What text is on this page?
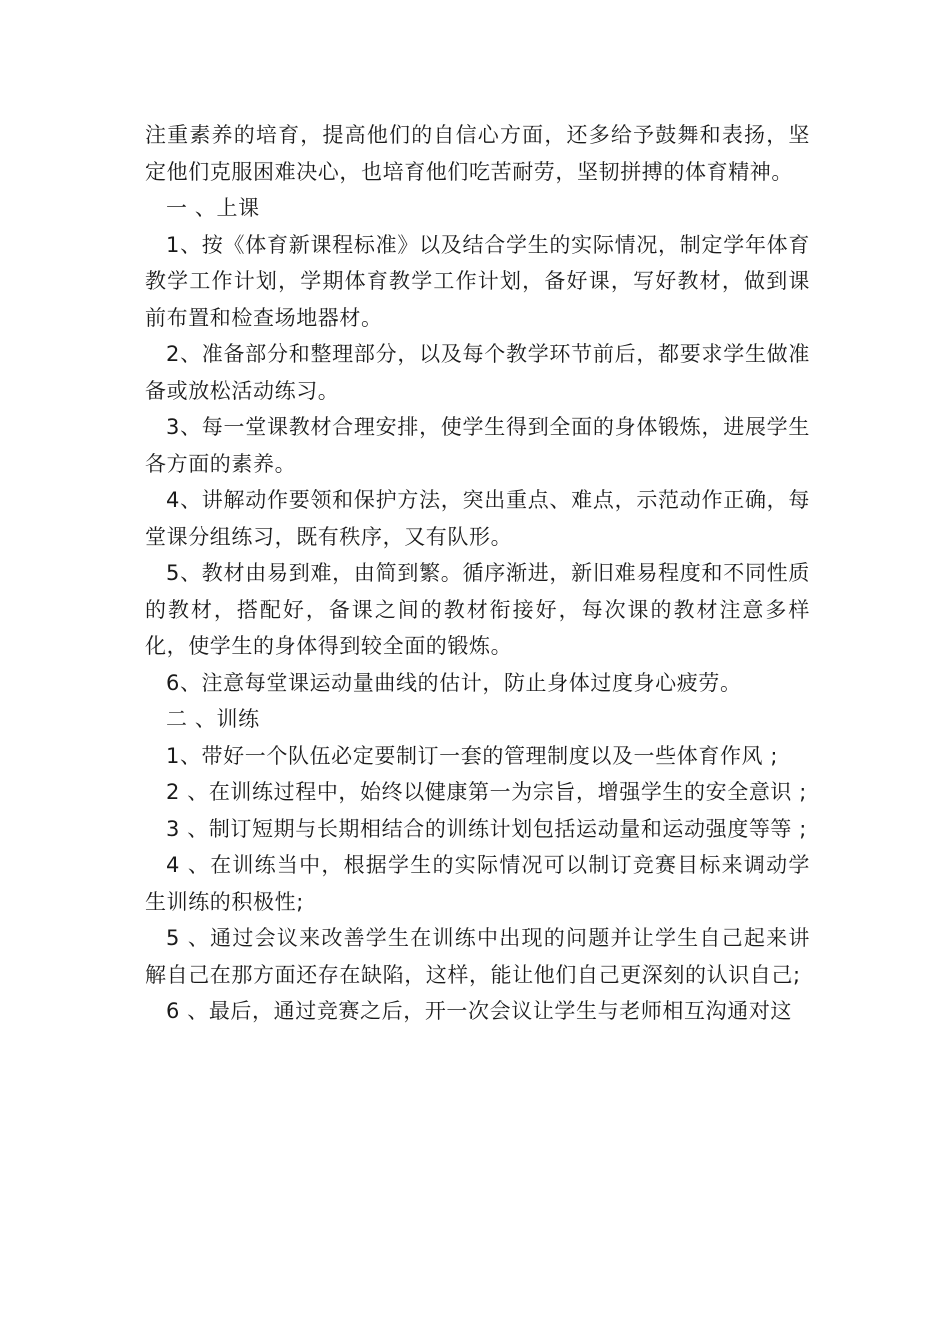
注重素养的培育，提高他们的自信心方面，还多给予鼓舞和表扬，坚定他们克服困难决心，也培育他们吃苦耐劳，坚韧拼搏的体育精神。

一 、上课

1、按《体育新课程标准》以及结合学生的实际情况，制定学年体育教学工作计划，学期体育教学工作计划，备好课，写好教材，做到课前布置和检查场地器材。

2、准备部分和整理部分，以及每个教学环节前后，都要求学生做准备或放松活动练习。

3、每一堂课教材合理安排，使学生得到全面的身体锻炼，进展学生各方面的素养。

4、讲解动作要领和保护方法，突出重点、难点，示范动作正确，每堂课分组练习，既有秩序，又有队形。

5、教材由易到难，由简到繁。循序渐进，新旧难易程度和不同性质的教材，搭配好，备课之间的教材衔接好，每次课的教材注意多样化，使学生的身体得到较全面的锻炼。

6、注意每堂课运动量曲线的估计，防止身体过度身心疲劳。

二 、训练

1、带好一个队伍必定要制订一套的管理制度以及一些体育作风 ;

2 、在训练过程中，始终以健康第一为宗旨，增强学生的安全意识 ;

3 、制订短期与长期相结合的训练计划包括运动量和运动强度等等 ;

4 、在训练当中，根据学生的实际情况可以制订竞赛目标来调动学生训练的积极性;

5 、通过会议来改善学生在训练中出现的问题并让学生自己起来讲解自己在那方面还存在缺陷，这样，能让他们自己更深刻的认识自己;

6 、最后，通过竞赛之后，开一次会议让学生与老师相互沟通对这
